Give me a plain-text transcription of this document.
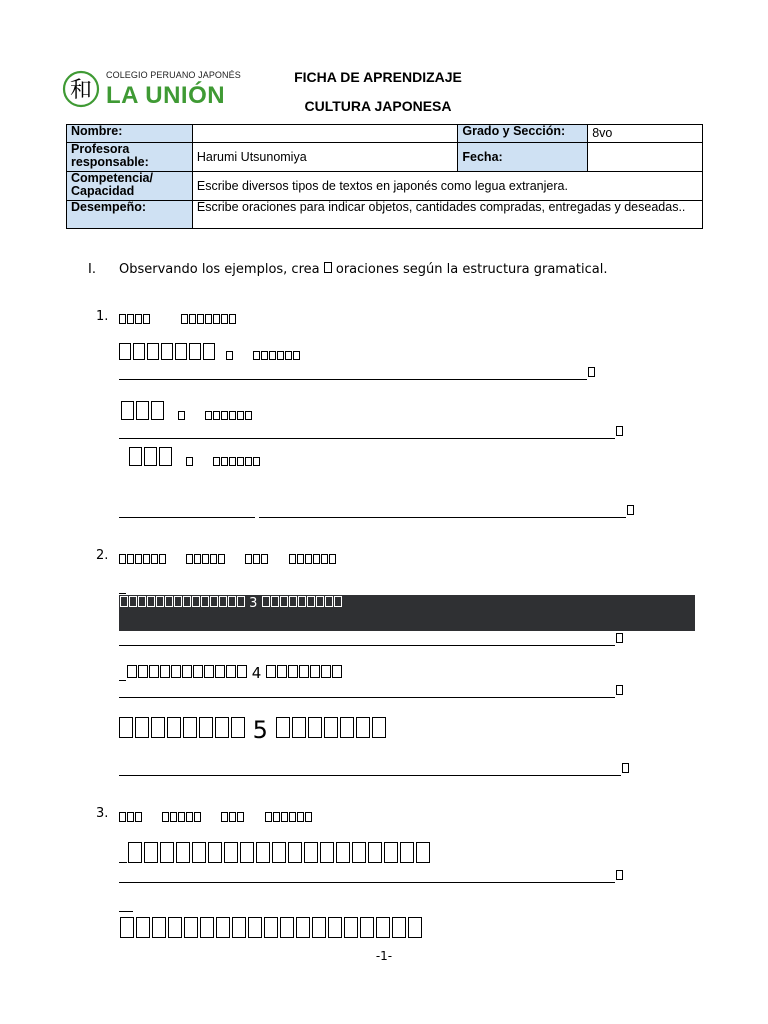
和
COLEGIO PERUANO JAPONÉS
LA UNIÓN
FICHA DE APRENDIZAJE
CULTURA JAPONESA
Nombre:		Grado y Sección:	8vo
Profesora responsable:	Harumi Utsunomiya	Fecha:	
Competencia/ Capacidad	Escribe diversos tipos de textos en japonés como legua extranjera.		
Desempeño:	Escribe oraciones para indicar objetos, cantidades compradas, entregadas y deseadas..		
I. Observando los ejemplos, crea  oraciones según la estructura gramatical.
1.

2.

3
4
5
3.

-1-
